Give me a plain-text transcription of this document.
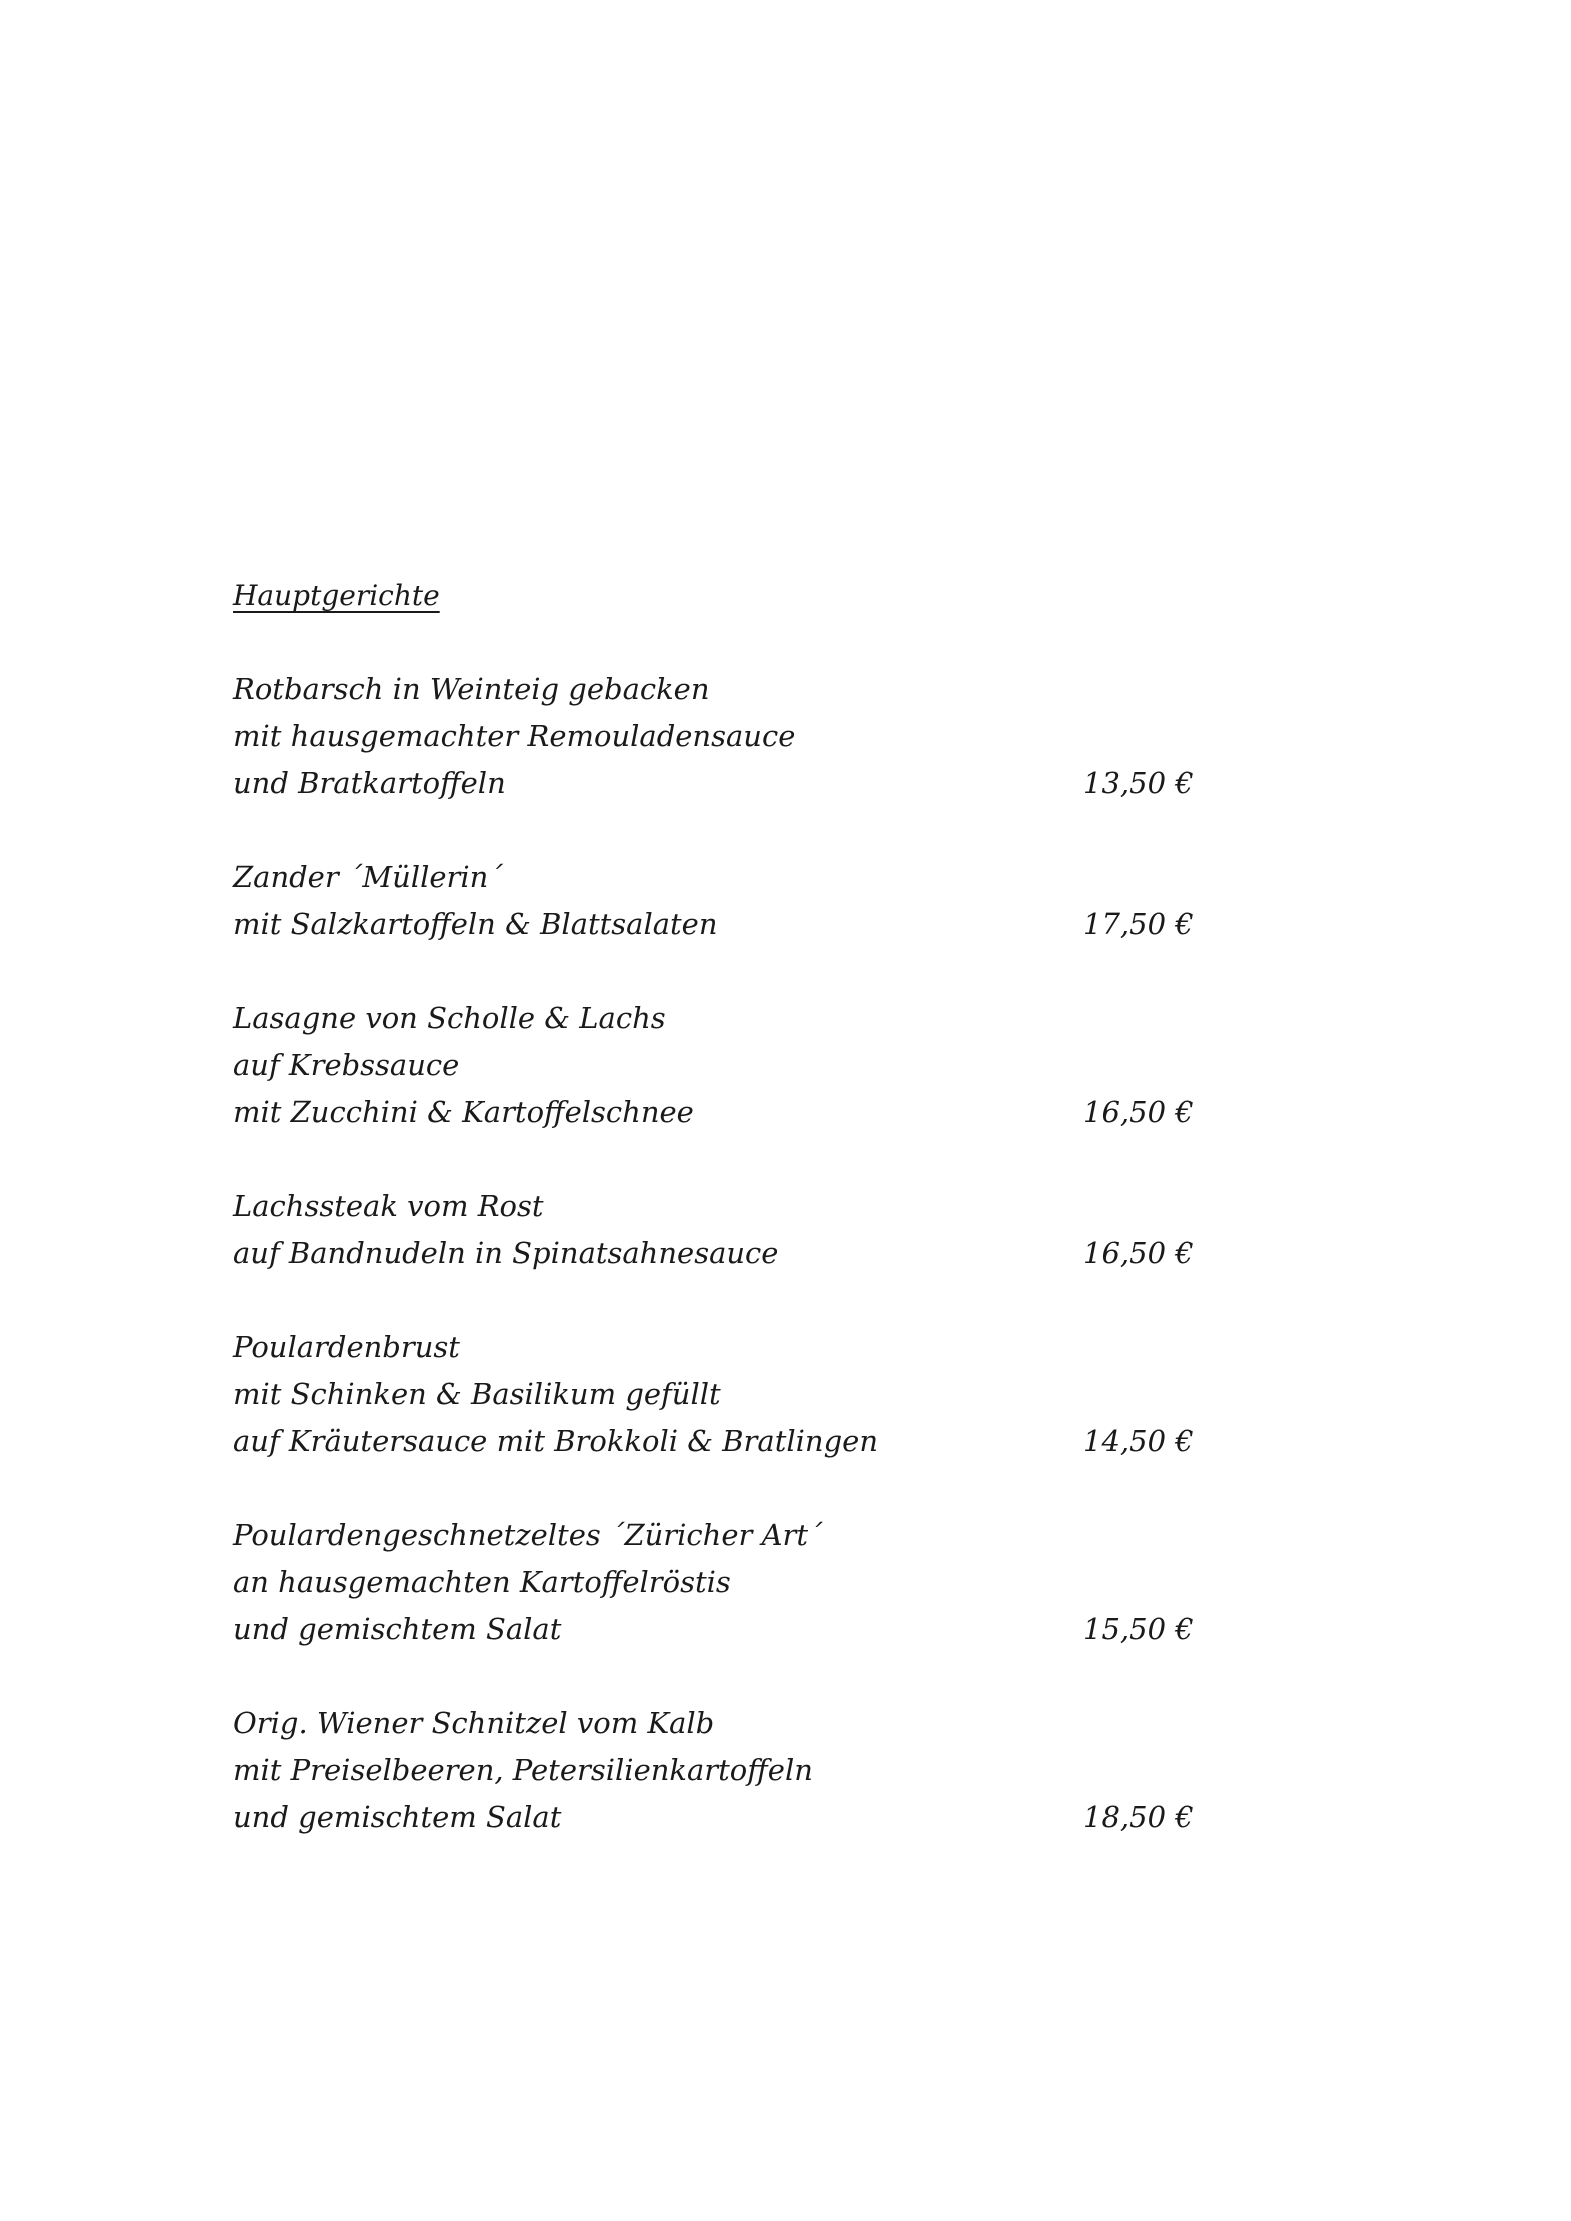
Hauptgerichte
Rotbarsch in Weinteig gebacken
mit hausgemachter Remouladensauce
und Bratkartoffeln	13,50 €
Zander ´Müllerin´
mit Salzkartoffeln & Blattsalaten	17,50 €
Lasagne von Scholle & Lachs
auf Krebssauce
mit Zucchini & Kartoffelschnee	16,50 €
Lachssteak vom Rost
auf Bandnudeln in Spinatsahnesauce	16,50 €
Poulardenbrust
mit Schinken & Basilikum gefüllt
auf Kräutersauce mit Brokkoli & Bratlingen	14,50 €
Poulardengeschnetzeltes ´Züricher Art´
an hausgemachten Kartoffelröstis
und gemischtem Salat	15,50 €
Orig. Wiener Schnitzel vom Kalb
mit Preiselbeeren, Petersilienkartoffeln
und gemischtem Salat	18,50 €
